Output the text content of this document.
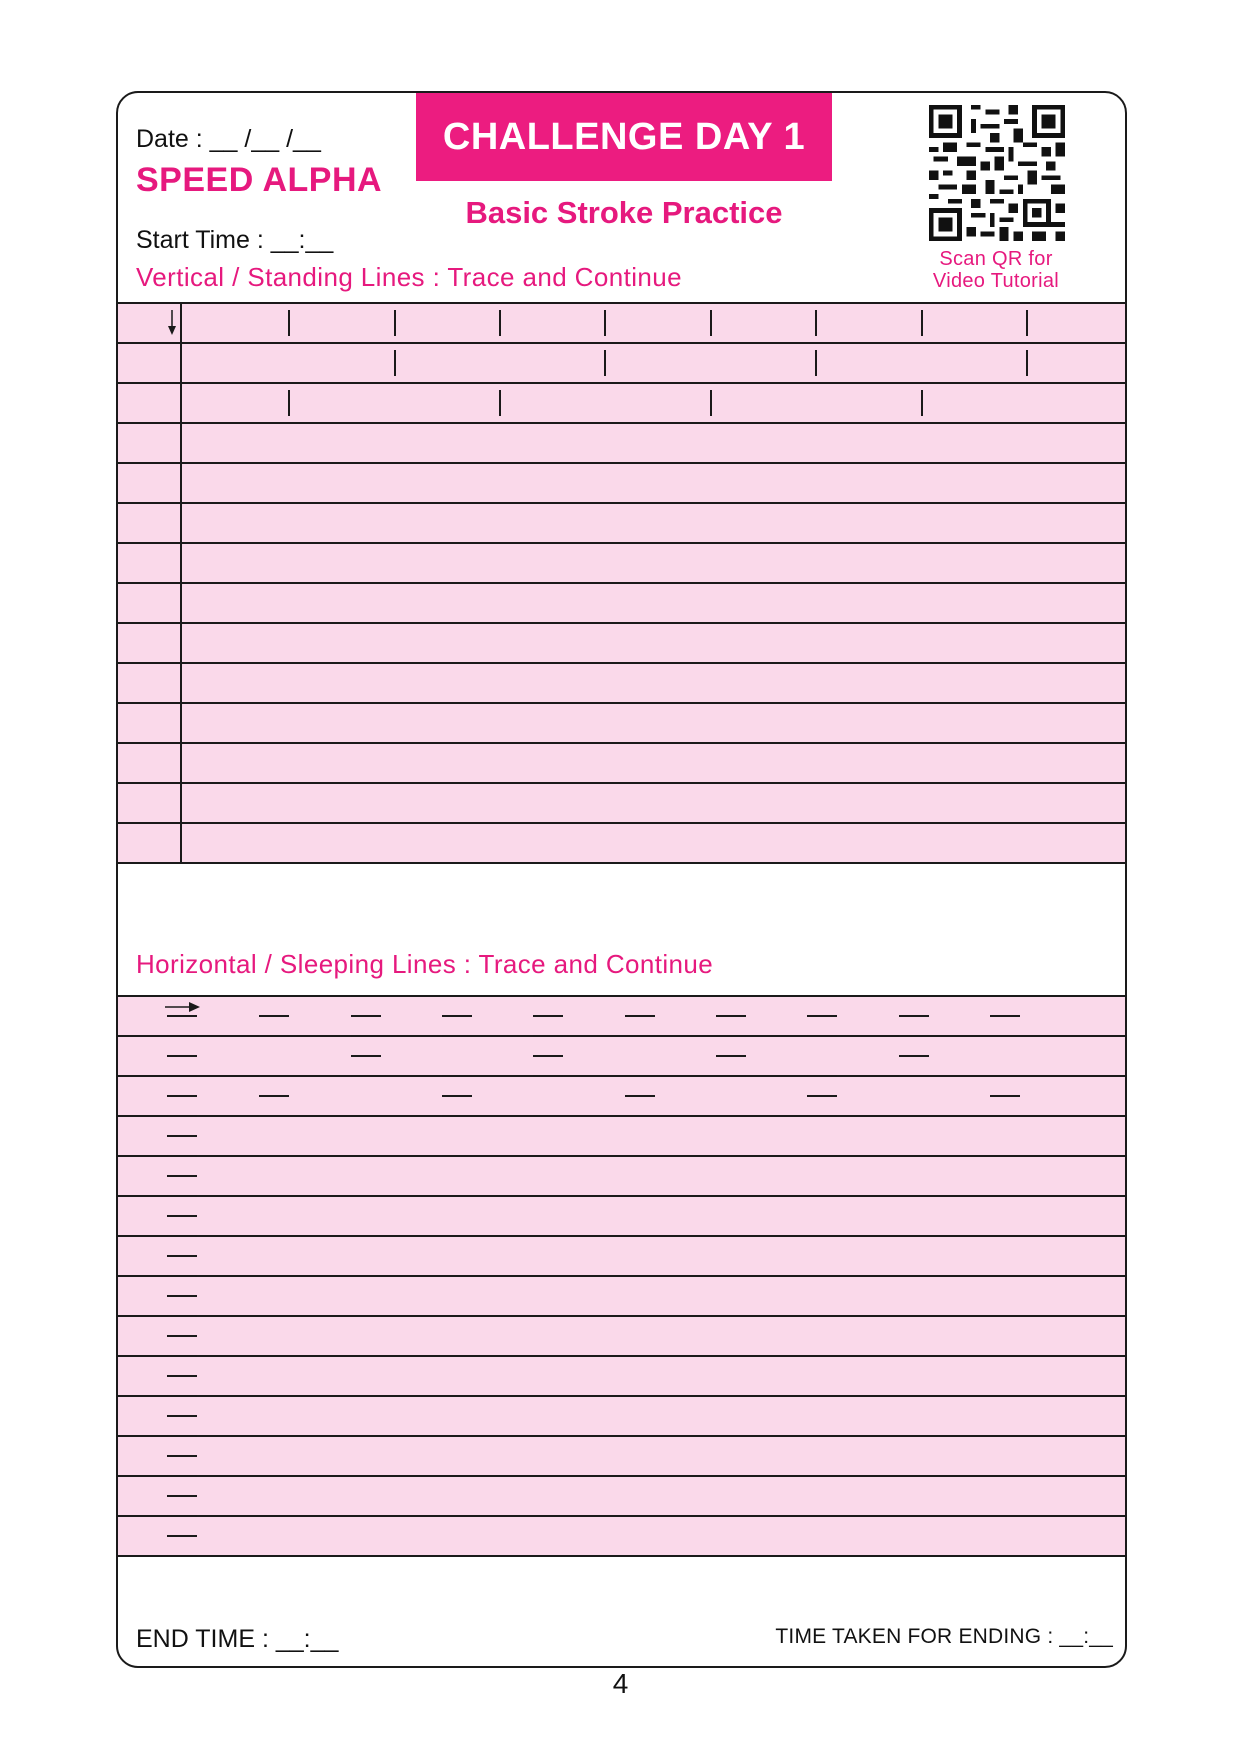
Date : __ /__ /__
SPEED ALPHA
Start Time : __:__
CHALLENGE DAY 1
Basic Stroke Practice
Scan QR for
Video Tutorial
Vertical / Standing Lines : Trace and Continue
Horizontal / Sleeping Lines : Trace and Continue
END TIME : __:__	TIME TAKEN FOR ENDING : __:__
4
